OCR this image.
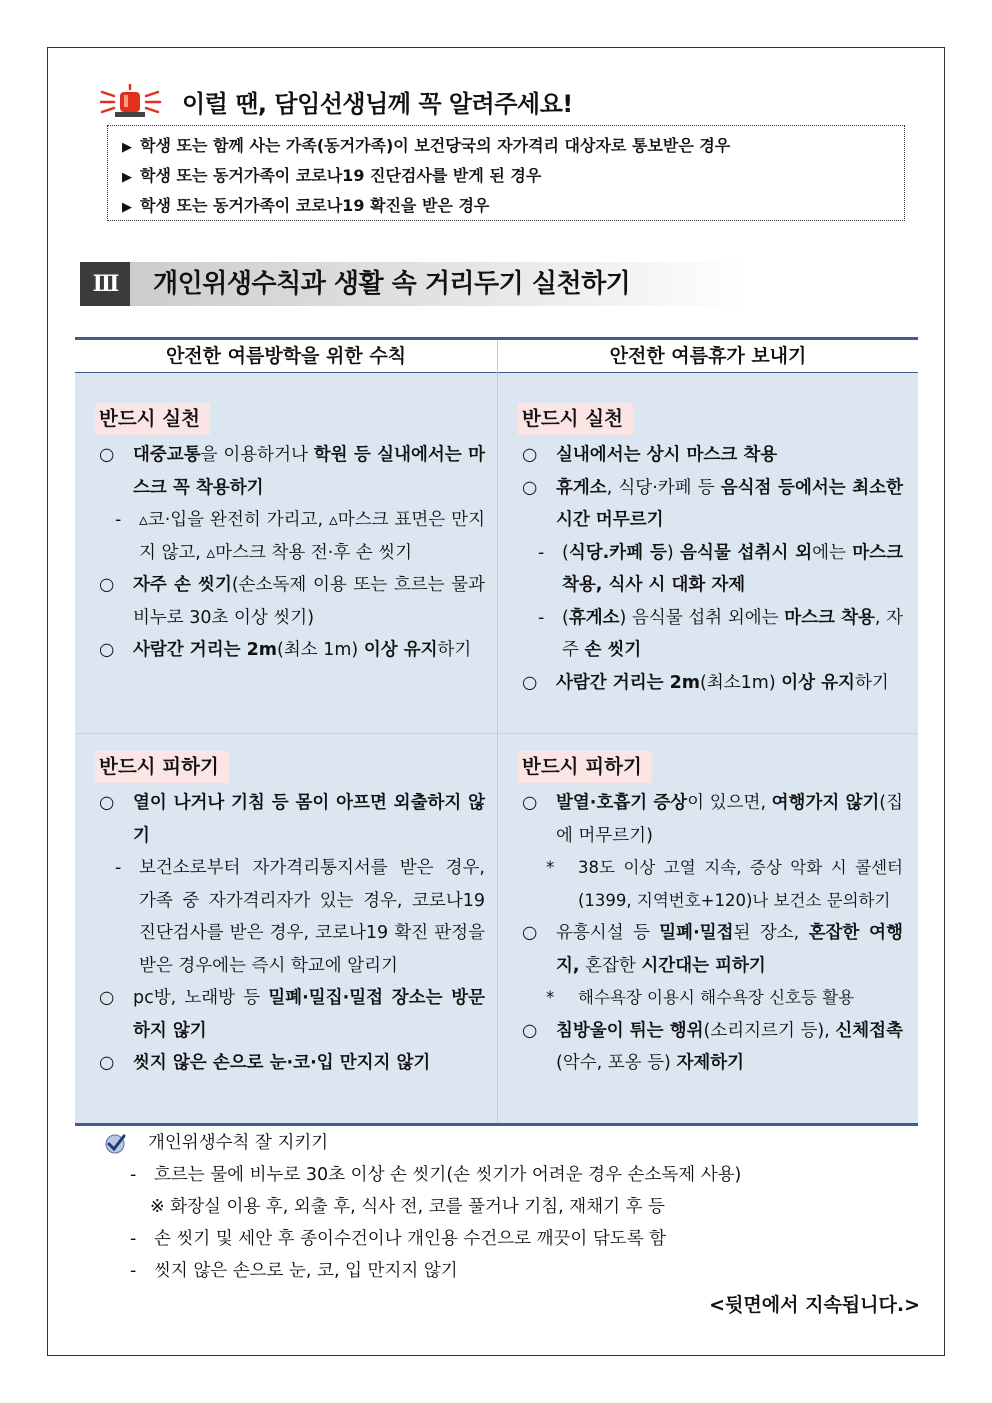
이럴 땐, 담임선생님께 꼭 알려주세요!
▶ 학생 또는 함께 사는 가족(동거가족)이 보건당국의 자가격리 대상자로 통보받은 경우
▶ 학생 또는 동거가족이 코로나19 진단검사를 받게 된 경우
▶ 학생 또는 동거가족이 코로나19 확진을 받은 경우
Ⅲ	개인위생수칙과 생활 속 거리두기 실천하기
안전한 여름방학을 위한 수칙	안전한 여름휴가 보내기
반드시 실천
○ 대중교통을 이용하거나 학원 등 실내에서는 마스크 꼭 착용하기
- ▵코·입을 완전히 가리고, ▵마스크 표면은 만지지 않고, ▵마스크 착용 전·후 손 씻기
○ 자주 손 씻기(손소독제 이용 또는 흐르는 물과 비누로 30초 이상 씻기)
○ 사람간 거리는 2m(최소 1m) 이상 유지하기
반드시 실천
○ 실내에서는 상시 마스크 착용
○ 휴게소, 식당·카페 등 음식점 등에서는 최소한 시간 머무르기
- (식당.카페 등) 음식물 섭취시 외에는 마스크 착용, 식사 시 대화 자제
- (휴게소) 음식물 섭취 외에는 마스크 착용, 자주 손 씻기
○ 사람간 거리는 2m(최소1m) 이상 유지하기
반드시 피하기
○ 열이 나거나 기침 등 몸이 아프면 외출하지 않기
- 보건소로부터 자가격리통지서를 받은 경우, 가족 중 자가격리자가 있는 경우, 코로나19 진단검사를 받은 경우, 코로나19 확진 판정을 받은 경우에는 즉시 학교에 알리기
○ pc방, 노래방 등 밀폐·밀집·밀접 장소는 방문하지 않기
○ 씻지 않은 손으로 눈·코·입 만지지 않기
반드시 피하기
○ 발열·호흡기 증상이 있으면, 여행가지 않기(집에 머무르기)
* 38도 이상 고열 지속, 증상 악화 시 콜센터(1399, 지역번호+120)나 보건소 문의하기
○ 유흥시설 등 밀폐·밀접된 장소, 혼잡한 여행지, 혼잡한 시간대는 피하기
* 해수욕장 이용시 해수욕장 신호등 활용
○ 침방울이 튀는 행위(소리지르기 등), 신체접촉(악수, 포옹 등) 자제하기
개인위생수칙 잘 지키기
- 흐르는 물에 비누로 30초 이상 손 씻기(손 씻기가 어려운 경우 손소독제 사용)
※ 화장실 이용 후, 외출 후, 식사 전, 코를 풀거나 기침, 재채기 후 등
- 손 씻기 및 세안 후 종이수건이나 개인용 수건으로 깨끗이 닦도록 함
- 씻지 않은 손으로 눈, 코, 입 만지지 않기
<뒷면에서 지속됩니다.>
